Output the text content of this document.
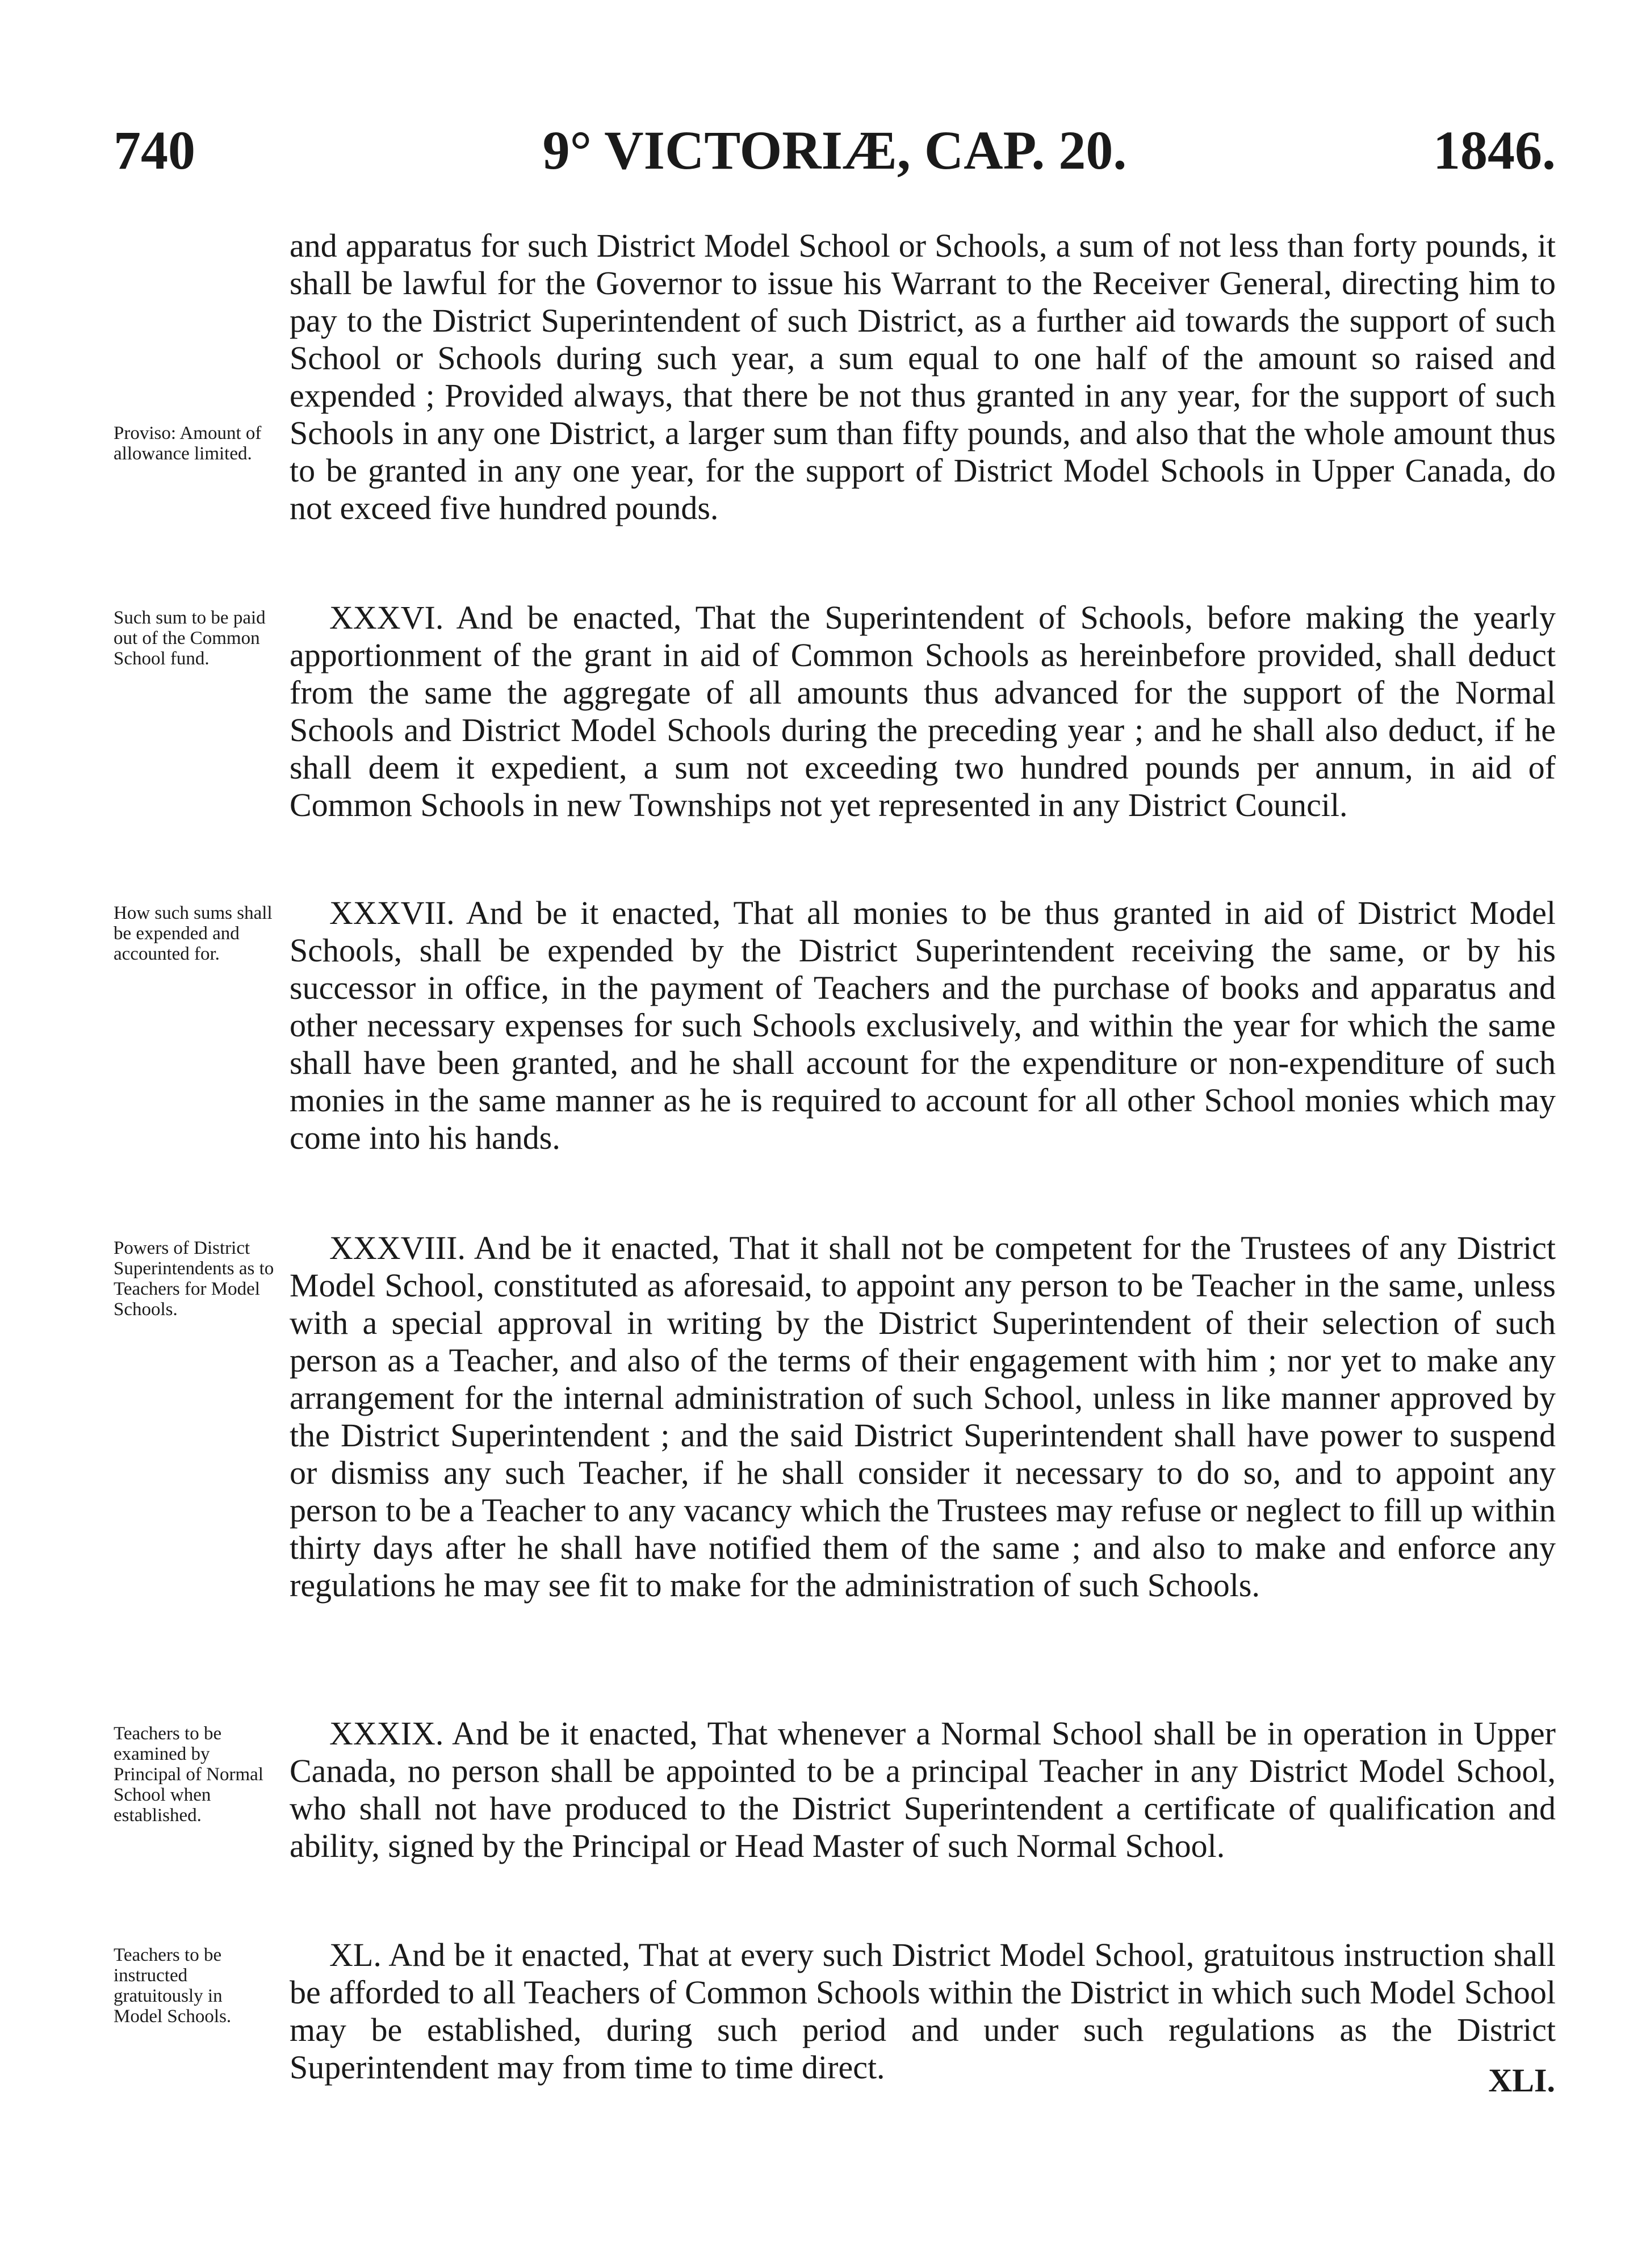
740	9° VICTORIÆ, CAP. 20.	1846.

and apparatus for such District Model School or Schools, a sum of not less than forty pounds, it shall be lawful for the Governor to issue his Warrant to the Receiver General, directing him to pay to the District Superintendent of such District, as a further aid towards the support of such School or Schools during such year, a sum equal to one half of the amount so raised and expended ; Provided always, that there be not thus granted in any year, for the support of such Schools in any one District, a larger sum than fifty pounds, and also that the whole amount thus to be granted in any one year, for the support of District Model Schools in Upper Canada, do not exceed five hundred pounds.

Proviso: Amount of allowance limited.

XXXVI. And be enacted, That the Superintendent of Schools, before making the yearly apportionment of the grant in aid of Common Schools as hereinbefore provided, shall deduct from the same the aggregate of all amounts thus advanced for the support of the Normal Schools and District Model Schools during the preceding year ; and he shall also deduct, if he shall deem it expedient, a sum not exceeding two hundred pounds per annum, in aid of Common Schools in new Townships not yet represented in any District Council.

Such sum to be paid out of the Common School fund.

XXXVII. And be it enacted, That all monies to be thus granted in aid of District Model Schools, shall be expended by the District Superintendent receiving the same, or by his successor in office, in the payment of Teachers and the purchase of books and apparatus and other necessary expenses for such Schools exclusively, and within the year for which the same shall have been granted, and he shall account for the expenditure or non-expenditure of such monies in the same manner as he is required to account for all other School monies which may come into his hands.

How such sums shall be expended and accounted for.

XXXVIII. And be it enacted, That it shall not be competent for the Trustees of any District Model School, constituted as aforesaid, to appoint any person to be Teacher in the same, unless with a special approval in writing by the District Superintendent of their selection of such person as a Teacher, and also of the terms of their engagement with him ; nor yet to make any arrangement for the internal administration of such School, unless in like manner approved by the District Superintendent ; and the said District Superintendent shall have power to suspend or dismiss any such Teacher, if he shall consider it necessary to do so, and to appoint any person to be a Teacher to any vacancy which the Trustees may refuse or neglect to fill up within thirty days after he shall have notified them of the same ; and also to make and enforce any regulations he may see fit to make for the administration of such Schools.

Powers of District Superintendents as to Teachers for Model Schools.

XXXIX. And be it enacted, That whenever a Normal School shall be in operation in Upper Canada, no person shall be appointed to be a principal Teacher in any District Model School, who shall not have produced to the District Superintendent a certificate of qualification and ability, signed by the Principal or Head Master of such Normal School.

Teachers to be examined by Principal of Normal School when established.

XL. And be it enacted, That at every such District Model School, gratuitous instruction shall be afforded to all Teachers of Common Schools within the District in which such Model School may be established, during such period and under such regulations as the District Superintendent may from time to time direct.

Teachers to be instructed gratuitously in Model Schools.
XLI.
